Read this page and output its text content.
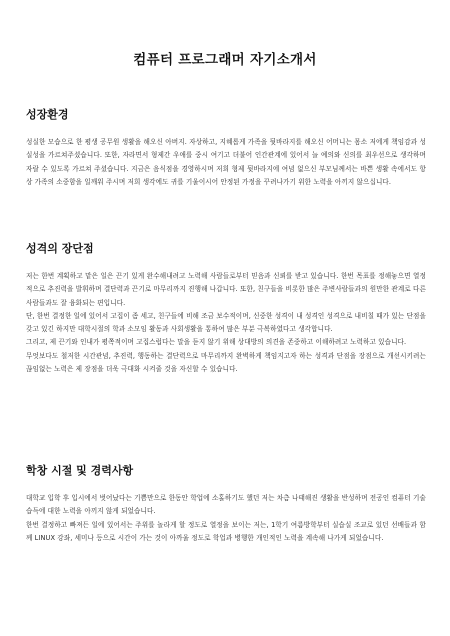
컴퓨터 프로그래머 자기소개서
성장환경

성실한 모습으로 한 평생 공무원 생활을 해오신 아버지. 자상하고, 지혜롭게 가족을 뒷바라지를 해오신 어머니는 몸소 저에게 책임감과 성실성을 가르쳐주셨습니다. 또한, 자라면서 형제간 우애를 중시 여기고 더불어 인간관계에 있어서 늘 예의와 신의를 최우선으로 생각하며 자랄 수 있도록 가르쳐 주셨습니다. 지금은 음식점을 경영하시며 저희 형제 뒷바라지에 여념 없으신 부모님께서는 바쁜 생활 속에서도 항상 가족의 소중함을 일깨워 주시며 저희 생각에도 귀를 기울이시어 안정된 가정을 꾸려나가기 위한 노력을 아끼지 않으십니다.

성격의 장단점

저는 한번 계획하고 맡은 일은 끈기 있게 완수해내려고 노력해 사람들로부터 믿음과 신뢰를 받고 있습니다. 한번 목표를 정해놓으면 열정적으로 추진력을 발휘하며 결단력과 끈기로 마무리까지 진행해 나갑니다. 또한, 친구들을 비롯한 많은 주변사람들과의 원만한 관계로 다른 사람들과도 잘 융화되는 편입니다.

단, 한번 결정한 일에 있어서 고집이 좀 세고, 친구들에 비해 조금 보수적이며, 신중한 성격이 내 성격인 성격으로 내비칠 때가 있는 단점을 갖고 있긴 하지만 대학시절의 학과 소모임 활동과 사회생활을 통하여 많은 부분 극복하였다고 생각합니다.

그리고, 제 끈기와 인내가 평쪽적이며 고집스럽다는 말을 듣지 않기 위해 상대방의 의견을 존중하고 이해하려고 노력하고 있습니다.

무엇보다도 철저한 시간관념, 추진력, 행동하는 결단력으로 마무리까지 완벽하게 책임지고자 하는 성격과 단점을 장점으로 개선시키려는 끊임없는 노력은 제 장점을 더욱 극대화 시켜줄 것을 자신할 수 있습니다.

학창 시절 및 경력사항

대학교 입학 후 입시에서 벗어났다는 기쁨만으로 한동안 학업에 소홀하기도 했던 저는 차츰 나태해진 생활을 반성하며 전공인 컴퓨터 기술습득에 대한 노력을 아끼지 않게 되었습니다.

한번 결정하고 빠져든 일에 있어서는 주위를 놀라게 할 정도로 열정을 보이는 저는, 1학기 여름방학부터 실습실 조교로 있던 선배들과 함께 LINUX 강좌, 세미나 등으로 시간이 가는 것이 아까울 정도로 학업과 병행한 개인적인 노력을 계속해 나가게 되었습니다.
